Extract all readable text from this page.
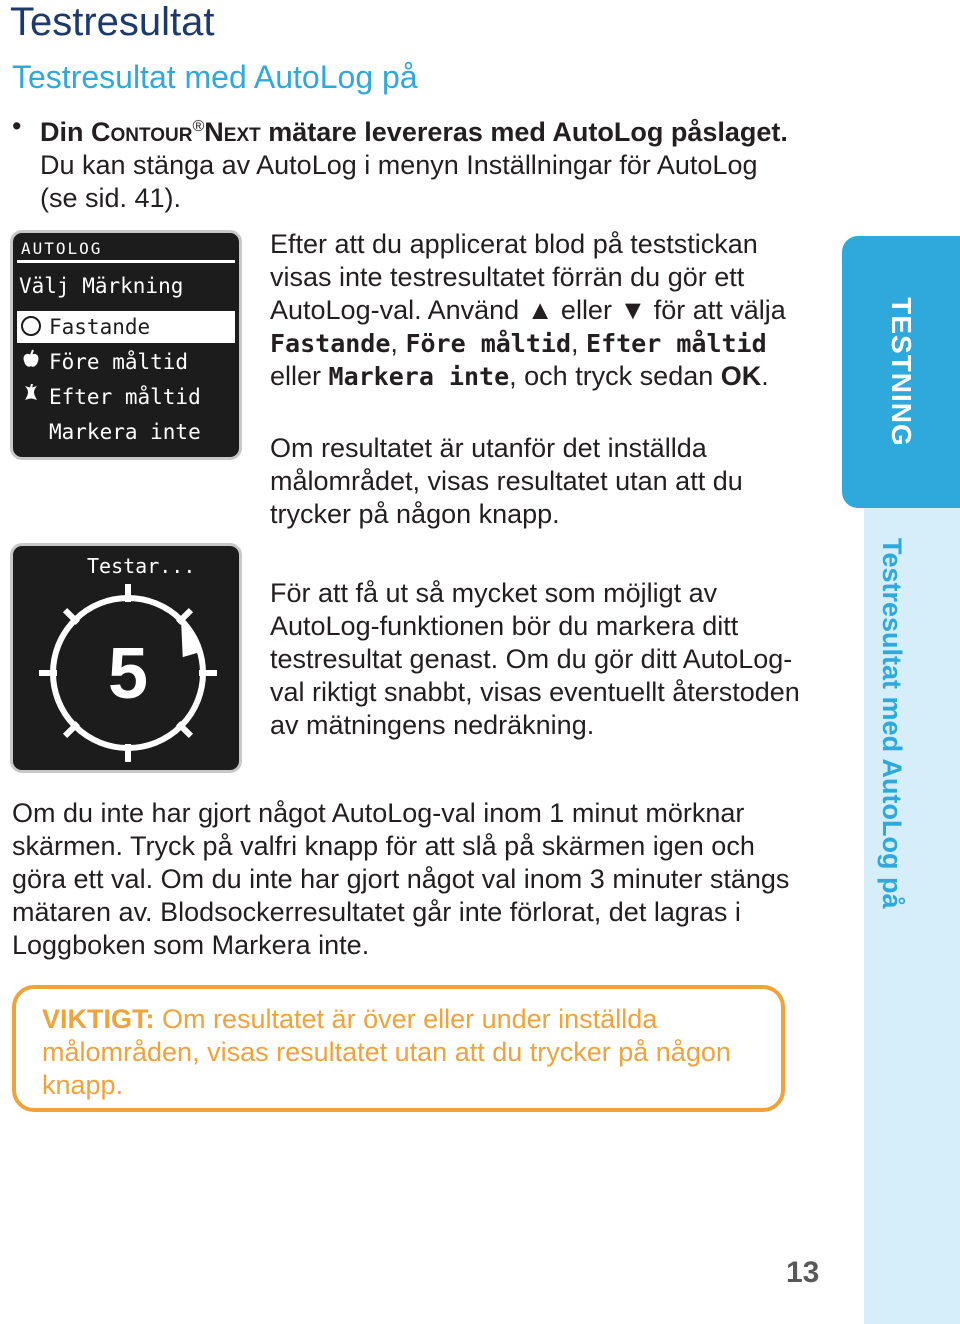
Testresultat
Testresultat med AutoLog på
• Din Contour®Next mätare levereras med AutoLog påslaget. Du kan stänga av AutoLog i menyn Inställningar för AutoLog (se sid. 41).
AUTOLOG
Välj Märkning
Fastande
Före måltid
Efter måltid
Markera inte
Testar...
5
Efter att du applicerat blod på teststickan visas inte testresultatet förrän du gör ett AutoLog-val. Använd ▲ eller ▼ för att välja Fastande, Före måltid, Efter måltid eller Markera inte, och tryck sedan OK.
Om resultatet är utanför det inställda målområdet, visas resultatet utan att du trycker på någon knapp.
För att få ut så mycket som möjligt av AutoLog-funktionen bör du markera ditt testresultat genast. Om du gör ditt AutoLog-val riktigt snabbt, visas eventuellt återstoden av mätningens nedräkning.
Om du inte har gjort något AutoLog-val inom 1 minut mörknar skärmen. Tryck på valfri knapp för att slå på skärmen igen och göra ett val. Om du inte har gjort något val inom 3 minuter stängs mätaren av. Blodsockerresultatet går inte förlorat, det lagras i Loggboken som Markera inte.
VIKTIGT: Om resultatet är över eller under inställda målområden, visas resultatet utan att du trycker på någon knapp.
TESTNING
Testresultat med AutoLog på
13
